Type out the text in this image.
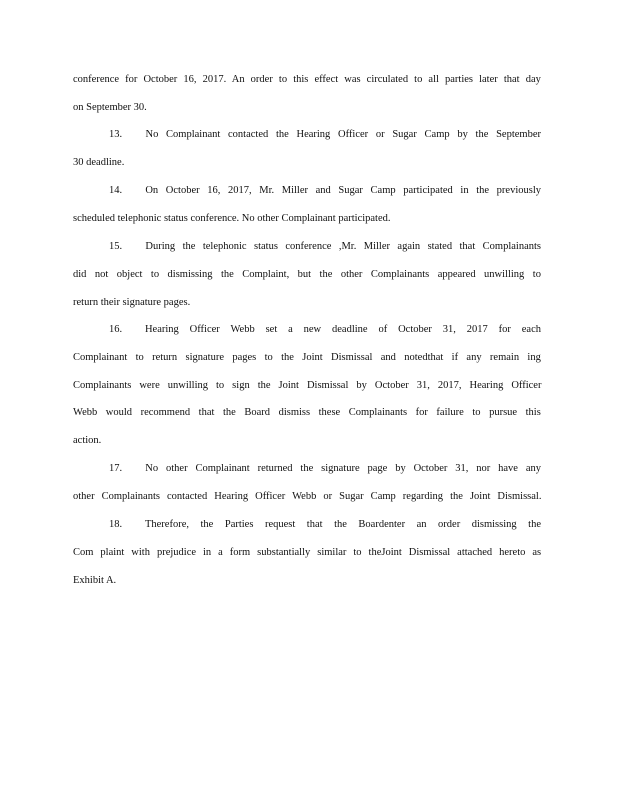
conference for October 16, 2017. An order to this effect was circulated to all parties later that day
on September 30.
13.	No Complainant contacted the Hearing Officer or Sugar Camp by the September
30 deadline.
14.	On October 16, 2017, Mr. Miller and Sugar Camp participated in the previously
scheduled telephonic status conference. No other Complainant participated.
15.	During the telephonic status conference ,Mr. Miller again stated that Complainants
did not object to dismissing the Complaint, but the other Complainants appeared unwilling to
return their signature pages.
16.	Hearing Officer Webb set a new deadline of October 31, 2017 for each
Complainant to return signature pages to the Joint Dismissal and notedthat if any remain ing
Complainants were unwilling to sign the Joint Dismissal by October 31, 2017, Hearing Officer
Webb would recommend that the Board dismiss these Complainants for failure to pursue this
action.
17.	No other Complainant returned the signature page by October 31, nor have any
other Complainants contacted Hearing Officer Webb or Sugar Camp regarding the Joint Dismissal.
18.	Therefore, the Parties request that the Boardenter an order dismissing the
Com plaint with prejudice in a form substantially similar to theJoint Dismissal attached hereto as
Exhibit A.
